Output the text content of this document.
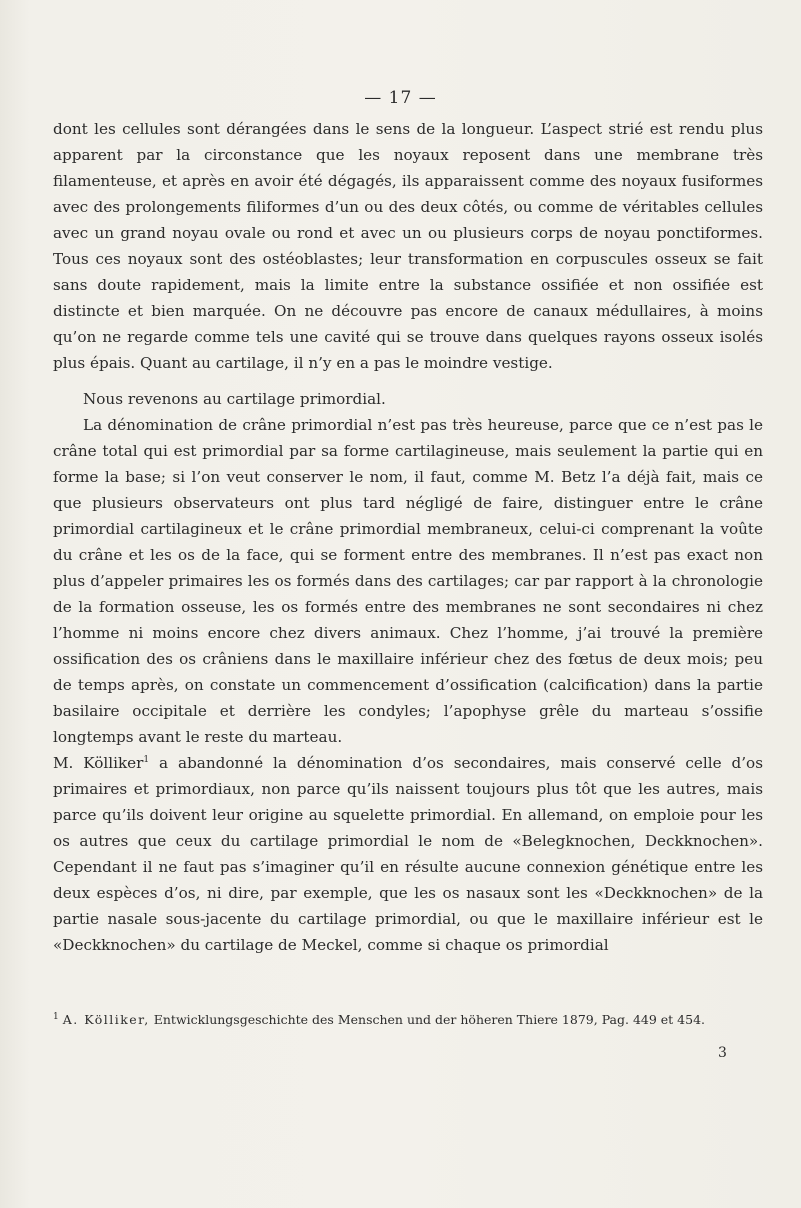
— 17 —

dont les cellules sont dérangées dans le sens de la longueur. L’aspect strié est rendu plus apparent par la circonstance que les noyaux reposent dans une membrane très filamenteuse, et après en avoir été dégagés, ils apparaissent comme des noyaux fusiformes avec des prolongements filiformes d’un ou des deux côtés, ou comme de véritables cellules avec un grand noyau ovale ou rond et avec un ou plusieurs corps de noyau ponctiformes. Tous ces noyaux sont des ostéoblastes; leur transformation en corpuscules osseux se fait sans doute rapidement, mais la limite entre la substance ossifiée et non ossifiée est distincte et bien marquée. On ne découvre pas encore de canaux médullaires, à moins qu’on ne regarde comme tels une cavité qui se trouve dans quelques rayons osseux isolés plus épais. Quant au cartilage, il n’y en a pas le moindre vestige.

Nous revenons au cartilage primordial.

La dénomination de crâne primordial n’est pas très heureuse, parce que ce n’est pas le crâne total qui est primordial par sa forme cartilagineuse, mais seulement la partie qui en forme la base; si l’on veut conserver le nom, il faut, comme M. Betz l’a déjà fait, mais ce que plusieurs observateurs ont plus tard négligé de faire, distinguer entre le crâne primordial cartilagineux et le crâne primordial membraneux, celui-ci comprenant la voûte du crâne et les os de la face, qui se forment entre des membranes. Il n’est pas exact non plus d’appeler primaires les os formés dans des cartilages; car par rapport à la chronologie de la formation osseuse, les os formés entre des membranes ne sont secondaires ni chez l’homme ni moins encore chez divers animaux. Chez l’homme, j’ai trouvé la première ossification des os crâniens dans le maxillaire inférieur chez des fœtus de deux mois; peu de temps après, on constate un commencement d’ossification (calcification) dans la partie basilaire occipitale et derrière les condyles; l’apophyse grêle du marteau s’ossifie longtemps avant le reste du marteau.

M. Kölliker$^1$ a abandonné la dénomination d’os secondaires, mais conservé celle d’os primaires et primordiaux, non parce qu’ils naissent toujours plus tôt que les autres, mais parce qu’ils doivent leur origine au squelette primordial. En allemand, on emploie pour les os autres que ceux du cartilage primordial le nom de «Belegknochen, Deckknochen». Cependant il ne faut pas s’imaginer qu’il en résulte aucune connexion génétique entre les deux espèces d’os, ni dire, par exemple, que les os nasaux sont les «Deckknochen» de la partie nasale sous-jacente du cartilage primordial, ou que le maxillaire inférieur est le «Deckknochen» du cartilage de Meckel, comme si chaque os primordial

$^1$ A. Kölliker, Entwicklungsgeschichte des Menschen und der höheren Thiere 1879, Pag. 449 et 454.
3
